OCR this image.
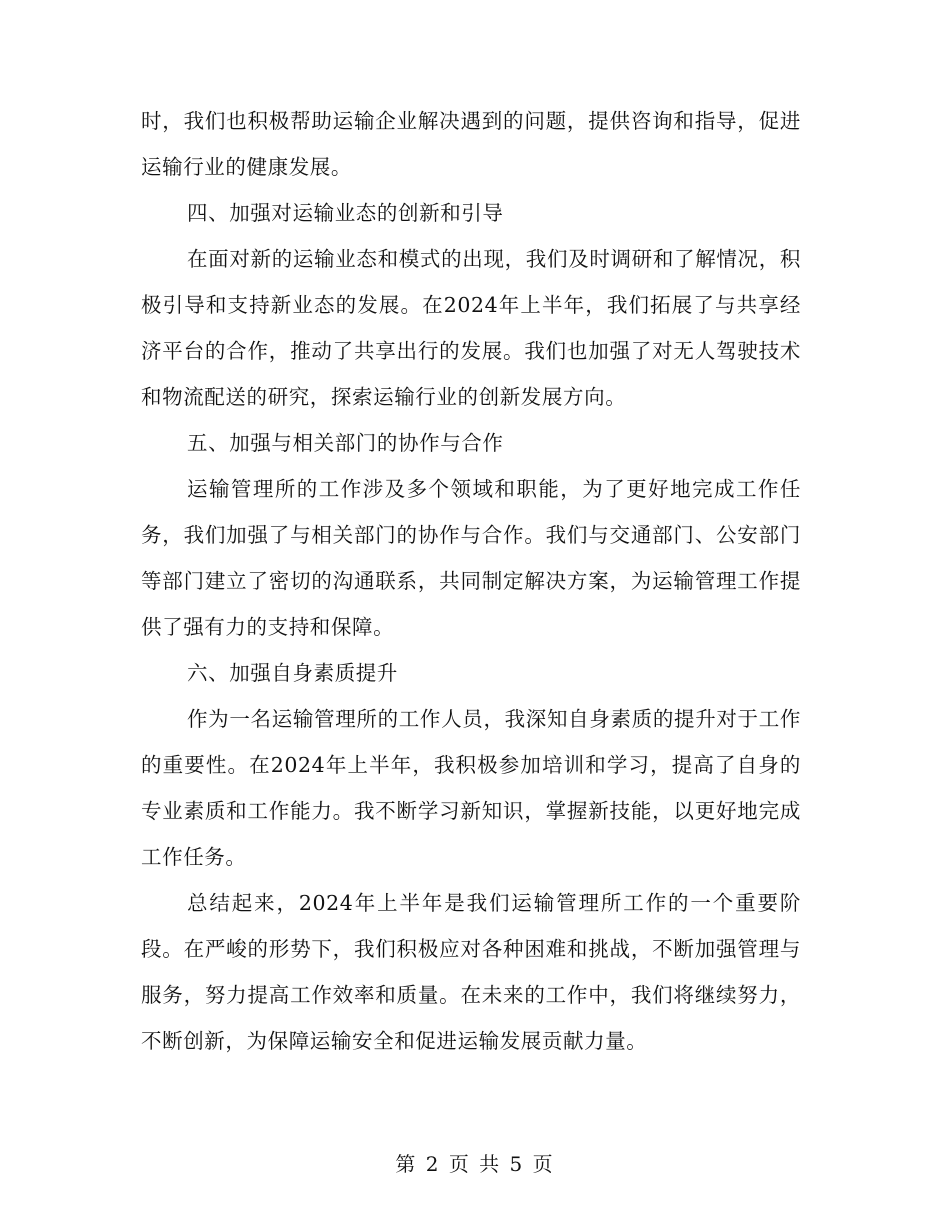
时，我们也积极帮助运输企业解决遇到的问题，提供咨询和指导，促进运输行业的健康发展。

四、加强对运输业态的创新和引导

在面对新的运输业态和模式的出现，我们及时调研和了解情况，积极引导和支持新业态的发展。在2024年上半年，我们拓展了与共享经济平台的合作，推动了共享出行的发展。我们也加强了对无人驾驶技术和物流配送的研究，探索运输行业的创新发展方向。

五、加强与相关部门的协作与合作

运输管理所的工作涉及多个领域和职能，为了更好地完成工作任务，我们加强了与相关部门的协作与合作。我们与交通部门、公安部门等部门建立了密切的沟通联系，共同制定解决方案，为运输管理工作提供了强有力的支持和保障。

六、加强自身素质提升

作为一名运输管理所的工作人员，我深知自身素质的提升对于工作的重要性。在2024年上半年，我积极参加培训和学习，提高了自身的专业素质和工作能力。我不断学习新知识，掌握新技能，以更好地完成工作任务。

总结起来，2024年上半年是我们运输管理所工作的一个重要阶段。在严峻的形势下，我们积极应对各种困难和挑战，不断加强管理与服务，努力提高工作效率和质量。在未来的工作中，我们将继续努力，不断创新，为保障运输安全和促进运输发展贡献力量。

第 2 页 共 5 页
